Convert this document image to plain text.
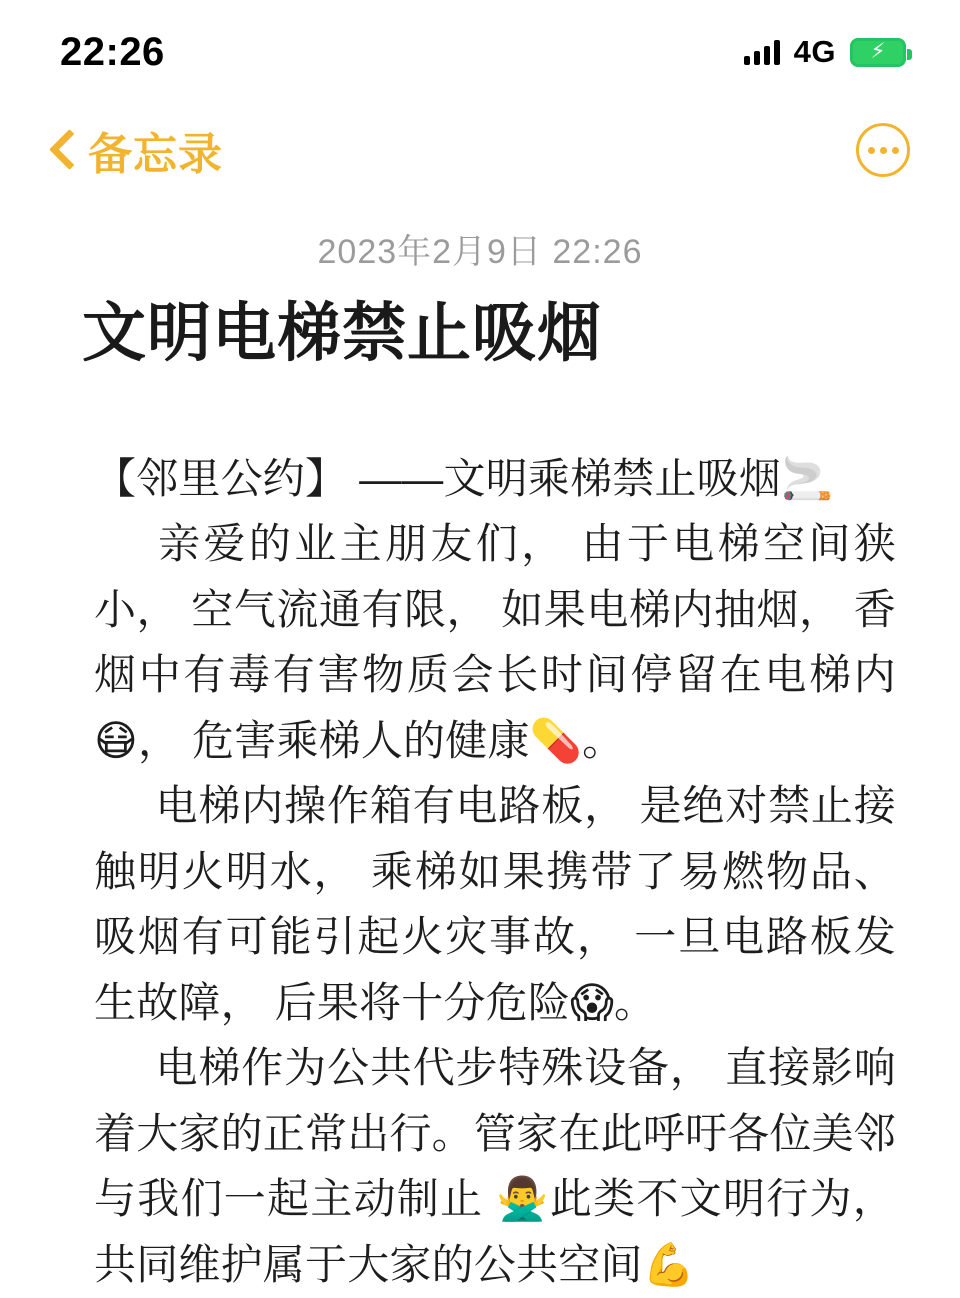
22:26	4G ⚡
备忘录
2023年2月9日 22:26
文明电梯禁止吸烟

【邻里公约】 ——文明乘梯禁止吸烟🚬

亲爱的业主朋友们， 由于电梯空间狭小， 空气流通有限， 如果电梯内抽烟， 香烟中有毒有害物质会长时间停留在电梯内😷， 危害乘梯人的健康💊。

电梯内操作箱有电路板， 是绝对禁止接触明火明水， 乘梯如果携带了易燃物品、吸烟有可能引起火灾事故， 一旦电路板发生故障， 后果将十分危险😱。

电梯作为公共代步特殊设备， 直接影响着大家的正常出行。管家在此呼吁各位美邻与我们一起主动制止 🙅‍♂️此类不文明行为， 共同维护属于大家的公共空间💪
